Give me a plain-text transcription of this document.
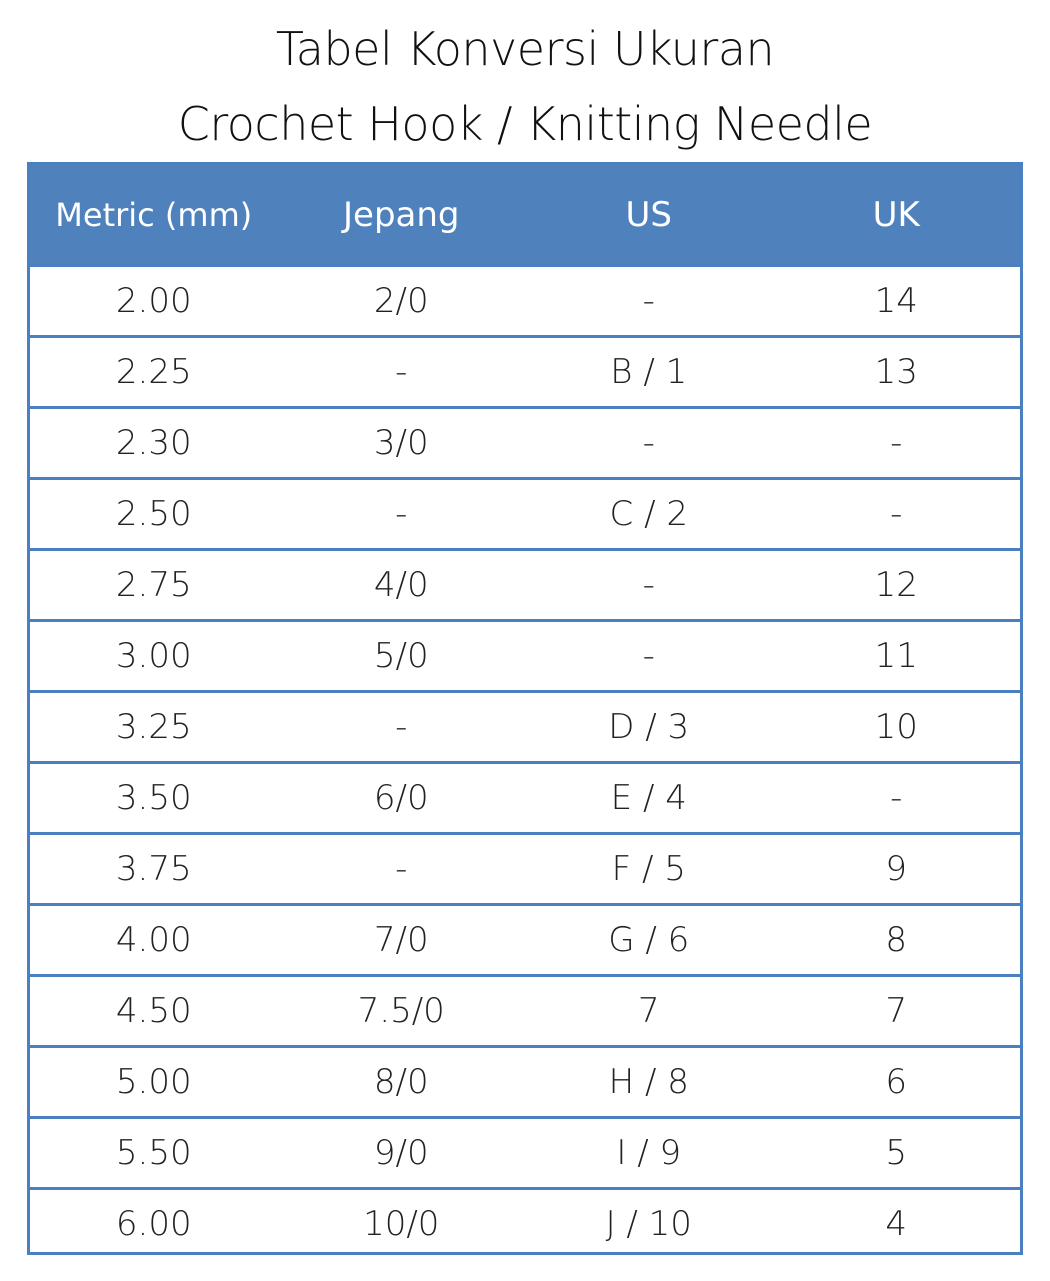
Tabel Konversi Ukuran
Crochet Hook / Knitting Needle
Metric (mm)	Jepang	US	UK
2.00	2/0	-	14
2.25	-	B / 1	13
2.30	3/0	-	-
2.50	-	C / 2	-
2.75	4/0	-	12
3.00	5/0	-	11
3.25	-	D / 3	10
3.50	6/0	E / 4	-
3.75	-	F / 5	9
4.00	7/0	G / 6	8
4.50	7.5/0	7	7
5.00	8/0	H / 8	6
5.50	9/0	I / 9	5
6.00	10/0	J / 10	4
